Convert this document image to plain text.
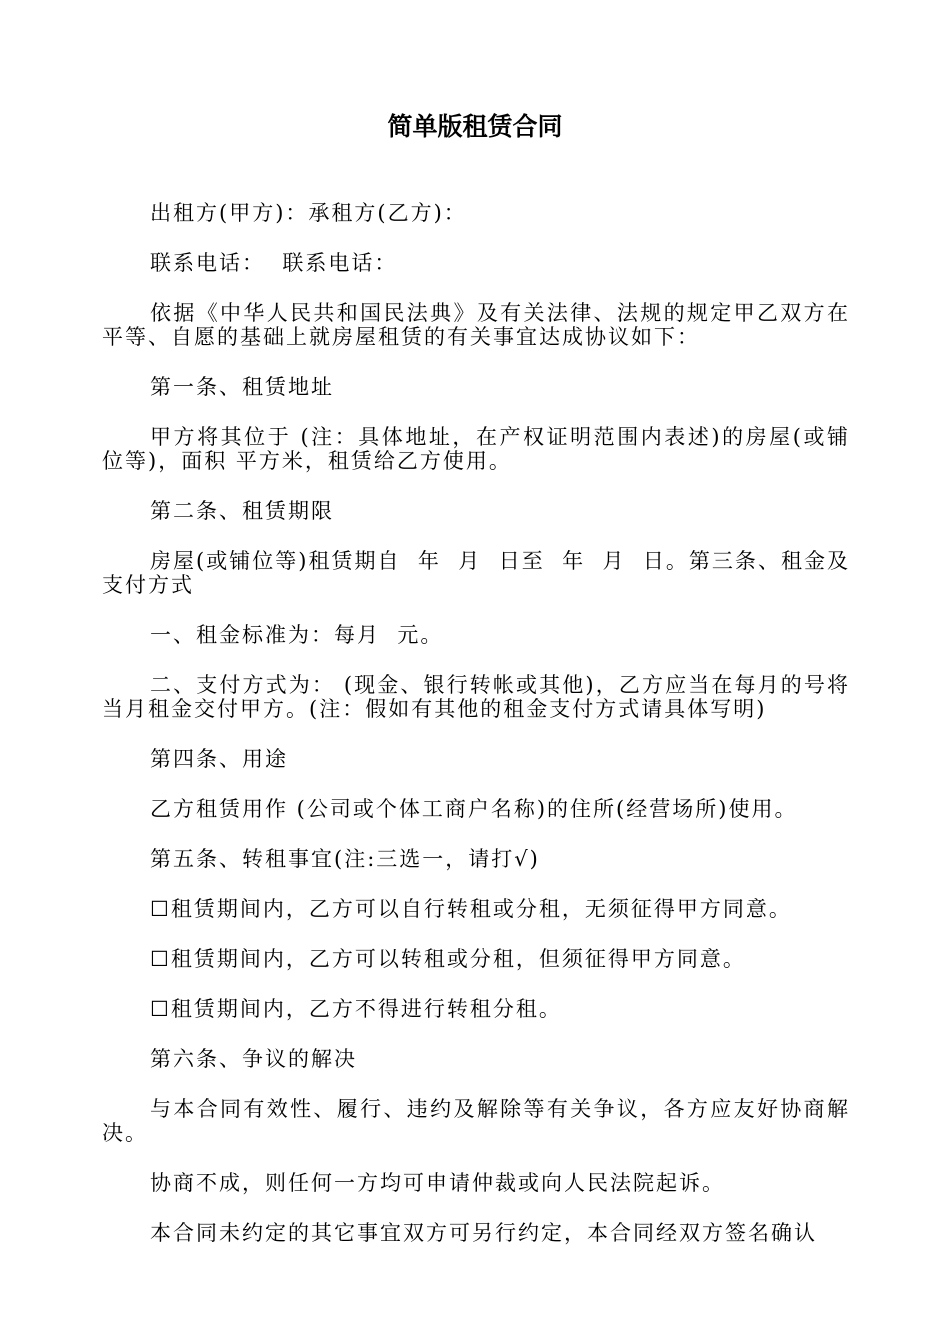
简单版租赁合同
出租方(甲方)：承租方(乙方)：
联系电话：  联系电话：
依据《中华人民共和国民法典》及有关法律、法规的规定甲乙双方在平等、自愿的基础上就房屋租赁的有关事宜达成协议如下：
第一条、租赁地址
甲方将其位于 (注：具体地址，在产权证明范围内表述)的房屋(或铺位等)，面积 平方米，租赁给乙方使用。
第二条、租赁期限
房屋(或铺位等)租赁期自  年  月  日至  年  月  日。第三条、租金及支付方式
一、租金标准为：每月  元。
二、支付方式为： (现金、银行转帐或其他)，乙方应当在每月的号将当月租金交付甲方。(注：假如有其他的租金支付方式请具体写明)
第四条、用途
乙方租赁用作 (公司或个体工商户名称)的住所(经营场所)使用。
第五条、转租事宜(注:三选一，请打√)
☐租赁期间内，乙方可以自行转租或分租，无须征得甲方同意。
☐租赁期间内，乙方可以转租或分租，但须征得甲方同意。
☐租赁期间内，乙方不得进行转租分租。
第六条、争议的解决
与本合同有效性、履行、违约及解除等有关争议，各方应友好协商解决。
协商不成，则任何一方均可申请仲裁或向人民法院起诉。
本合同未约定的其它事宜双方可另行约定，本合同经双方签名确认
